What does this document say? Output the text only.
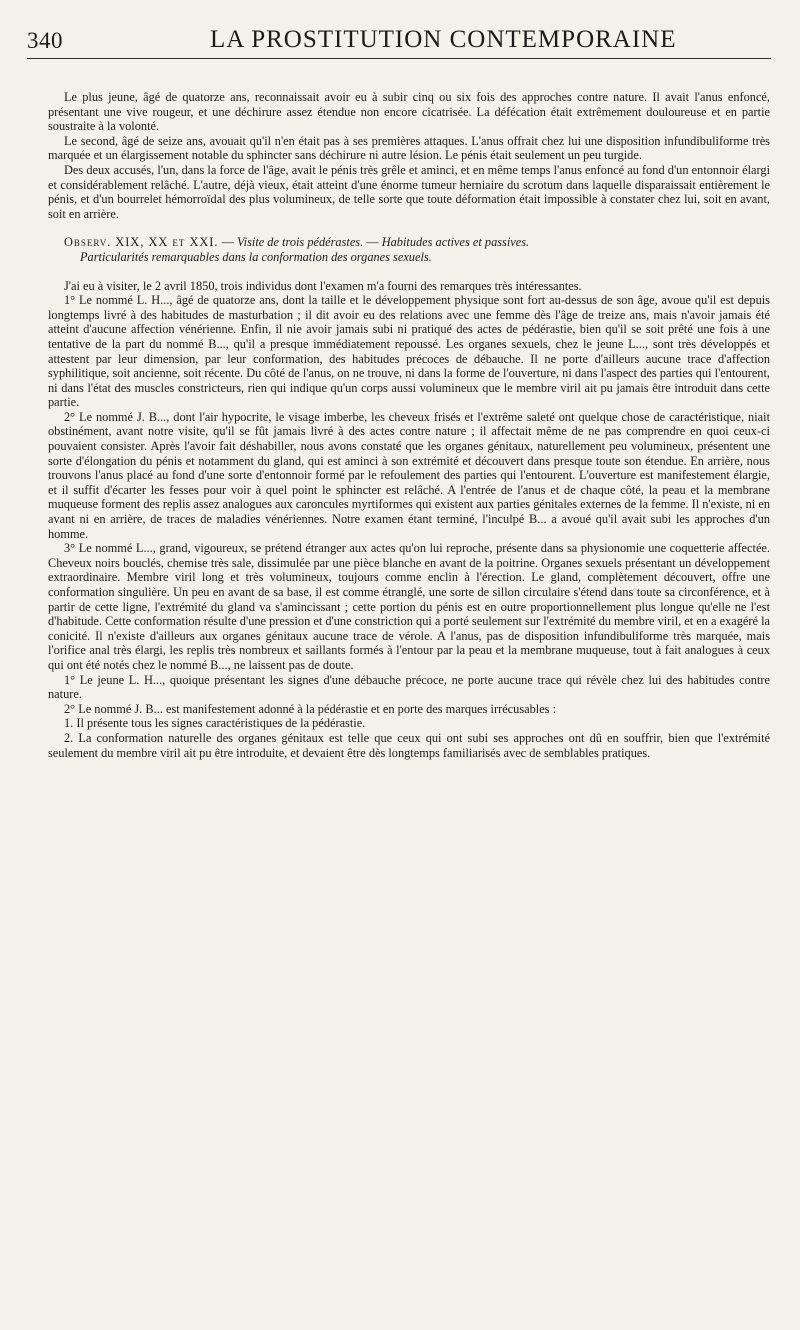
340	LA PROSTITUTION CONTEMPORAINE

Le plus jeune, âgé de quatorze ans, reconnaissait avoir eu à subir cinq ou six fois des approches contre nature. Il avait l'anus enfoncé, présentant une vive rougeur, et une déchirure assez étendue non encore cicatrisée. La défécation était extrêmement douloureuse et en partie soustraite à la volonté.

Le second, âgé de seize ans, avouait qu'il n'en était pas à ses premières attaques. L'anus offrait chez lui une disposition infundibuliforme très marquée et un élargissement notable du sphincter sans déchirure ni autre lésion. Le pénis était seulement un peu turgide.

Des deux accusés, l'un, dans la force de l'âge, avait le pénis très grêle et aminci, et en même temps l'anus enfoncé au fond d'un entonnoir élargi et considérablement relâché. L'autre, déjà vieux, était atteint d'une énorme tumeur herniaire du scrotum dans laquelle disparaissait entièrement le pénis, et d'un bourrelet hémorroïdal des plus volumineux, de telle sorte que toute déformation était impossible à constater chez lui, soit en avant, soit en arrière.

Observ. XIX, XX et XXI. — Visite de trois pédérastes. — Habitudes actives et passives.

Particularités remarquables dans la conformation des organes sexuels.

J'ai eu à visiter, le 2 avril 1850, trois individus dont l'examen m'a fourni des remarques très intéressantes.

1° Le nommé L. H..., âgé de quatorze ans, dont la taille et le développement physique sont fort au-dessus de son âge, avoue qu'il est depuis longtemps livré à des habitudes de masturbation ; il dit avoir eu des relations avec une femme dès l'âge de treize ans, mais n'avoir jamais été atteint d'aucune affection vénérienne. Enfin, il nie avoir jamais subi ni pratiqué des actes de pédérastie, bien qu'il se soit prêté une fois à une tentative de la part du nommé B..., qu'il a presque immédiatement repoussé. Les organes sexuels, chez le jeune L..., sont très développés et attestent par leur dimension, par leur conformation, des habitudes précoces de débauche. Il ne porte d'ailleurs aucune trace d'affection syphilitique, soit ancienne, soit récente. Du côté de l'anus, on ne trouve, ni dans la forme de l'ouverture, ni dans l'aspect des parties qui l'entourent, ni dans l'état des muscles constricteurs, rien qui indique qu'un corps aussi volumineux que le membre viril ait pu jamais être introduit dans cette partie.

2° Le nommé J. B..., dont l'air hypocrite, le visage imberbe, les cheveux frisés et l'extrême saleté ont quelque chose de caractéristique, niait obstinément, avant notre visite, qu'il se fût jamais livré à des actes contre nature ; il affectait même de ne pas comprendre en quoi ceux-ci pouvaient consister. Après l'avoir fait déshabiller, nous avons constaté que les organes génitaux, naturellement peu volumineux, présentent une sorte d'élongation du pénis et notamment du gland, qui est aminci à son extrémité et découvert dans presque toute son étendue. En arrière, nous trouvons l'anus placé au fond d'une sorte d'entonnoir formé par le refoulement des parties qui l'entourent. L'ouverture est manifestement élargie, et il suffit d'écarter les fesses pour voir à quel point le sphincter est relâché. A l'entrée de l'anus et de chaque côté, la peau et la membrane muqueuse forment des replis assez analogues aux caroncules myrtiformes qui existent aux parties génitales externes de la femme. Il n'existe, ni en avant ni en arrière, de traces de maladies vénériennes. Notre examen étant terminé, l'inculpé B... a avoué qu'il avait subi les approches d'un homme.

3° Le nommé L..., grand, vigoureux, se prétend étranger aux actes qu'on lui reproche, présente dans sa physionomie une coquetterie affectée. Cheveux noirs bouclés, chemise très sale, dissimulée par une pièce blanche en avant de la poitrine. Organes sexuels présentant un développement extraordinaire. Membre viril long et très volumineux, toujours comme enclin à l'érection. Le gland, complètement découvert, offre une conformation singulière. Un peu en avant de sa base, il est comme étranglé, une sorte de sillon circulaire s'étend dans toute sa circonférence, et à partir de cette ligne, l'extrémité du gland va s'amincissant ; cette portion du pénis est en outre proportionnellement plus longue qu'elle ne l'est d'habitude. Cette conformation résulte d'une pression et d'une constriction qui a porté seulement sur l'extrémité du membre viril, et en a exagéré la conicité. Il n'existe d'ailleurs aux organes génitaux aucune trace de vérole. A l'anus, pas de disposition infundibuliforme très marquée, mais l'orifice anal très élargi, les replis très nombreux et saillants formés à l'entour par la peau et la membrane muqueuse, tout à fait analogues à ceux qui ont été notés chez le nommé B..., ne laissent pas de doute.

1° Le jeune L. H..., quoique présentant les signes d'une débauche précoce, ne porte aucune trace qui révèle chez lui des habitudes contre nature.

2° Le nommé J. B... est manifestement adonné à la pédérastie et en porte des marques irrécusables :

1. Il présente tous les signes caractéristiques de la pédérastie.

2. La conformation naturelle des organes génitaux est telle que ceux qui ont subi ses approches ont dû en souffrir, bien que l'extrémité seulement du membre viril ait pu être introduite, et devaient être dès longtemps familiarisés avec de semblables pratiques.
